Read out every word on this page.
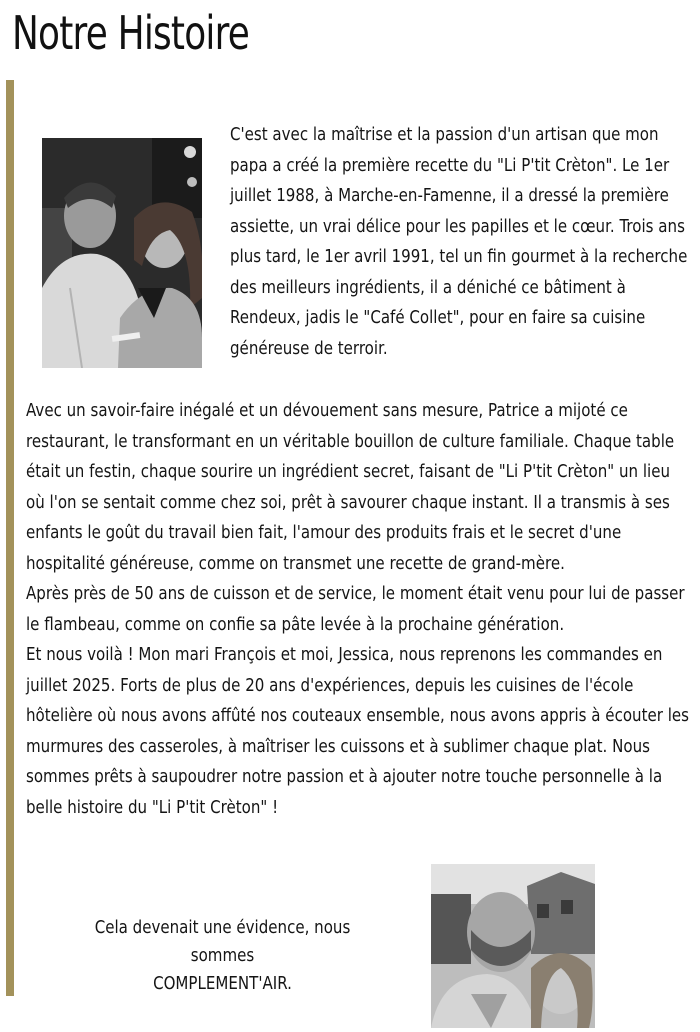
Notre Histoire

C'est avec la maîtrise et la passion d'un artisan que mon papa a créé la première recette du "Li P'tit Crèton". Le 1er juillet 1988, à Marche-en-Famenne, il a dressé la première assiette, un vrai délice pour les papilles et le cœur. Trois ans plus tard, le 1er avril 1991, tel un fin gourmet à la recherche des meilleurs ingrédients, il a déniché ce bâtiment à Rendeux, jadis le "Café Collet", pour en faire sa cuisine généreuse de terroir.

Avec un savoir-faire inégalé et un dévouement sans mesure, Patrice a mijoté ce restaurant, le transformant en un véritable bouillon de culture familiale. Chaque table était un festin, chaque sourire un ingrédient secret, faisant de "Li P'tit Crèton" un lieu où l'on se sentait comme chez soi, prêt à savourer chaque instant. Il a transmis à ses enfants le goût du travail bien fait, l'amour des produits frais et le secret d'une hospitalité généreuse, comme on transmet une recette de grand-mère.

Après près de 50 ans de cuisson et de service, le moment était venu pour lui de passer le flambeau, comme on confie sa pâte levée à la prochaine génération.

Et nous voilà ! Mon mari François et moi, Jessica, nous reprenons les commandes en juillet 2025. Forts de plus de 20 ans d'expériences, depuis les cuisines de l'école hôtelière où nous avons affûté nos couteaux ensemble, nous avons appris à écouter les murmures des casseroles, à maîtriser les cuissons et à sublimer chaque plat. Nous sommes prêts à saupoudrer notre passion et à ajouter notre touche personnelle à la belle histoire du "Li P'tit Crèton" !

Cela devenait une évidence, nous sommes
COMPLEMENT'AIR.
